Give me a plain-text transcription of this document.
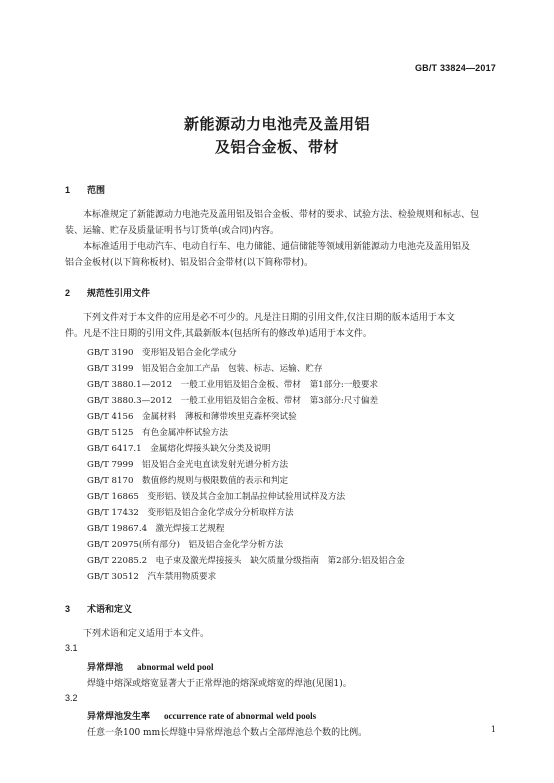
GB/T 33824—2017
新能源动力电池壳及盖用铝
及铝合金板、带材
1 范围
本标准规定了新能源动力电池壳及盖用铝及铝合金板、带材的要求、试验方法、检验规则和标志、包
装、运输、贮存及质量证明书与订货单(或合同)内容。
本标准适用于电动汽车、电动自行车、电力储能、通信储能等领域用新能源动力电池壳及盖用铝及
铝合金板材(以下简称板材)、铝及铝合金带材(以下简称带材)。
2 规范性引用文件
下列文件对于本文件的应用是必不可少的。凡是注日期的引用文件,仅注日期的版本适用于本文
件。凡是不注日期的引用文件,其最新版本(包括所有的修改单)适用于本文件。
GB/T 3190　变形铝及铝合金化学成分
GB/T 3199　铝及铝合金加工产品　包装、标志、运输、贮存
GB/T 3880.1—2012　一般工业用铝及铝合金板、带材　第1部分:一般要求
GB/T 3880.3—2012　一般工业用铝及铝合金板、带材　第3部分:尺寸偏差
GB/T 4156　金属材料　薄板和薄带埃里克森杯突试验
GB/T 5125　有色金属冲杯试验方法
GB/T 6417.1　金属熔化焊接头缺欠分类及说明
GB/T 7999　铝及铝合金光电直读发射光谱分析方法
GB/T 8170　数值修约规则与极限数值的表示和判定
GB/T 16865　变形铝、镁及其合金加工制品拉伸试验用试样及方法
GB/T 17432　变形铝及铝合金化学成分分析取样方法
GB/T 19867.4　激光焊接工艺规程
GB/T 20975(所有部分)　铝及铝合金化学分析方法
GB/T 22085.2　电子束及激光焊接接头　缺欠质量分级指南　第2部分:铝及铝合金
GB/T 30512　汽车禁用物质要求
3 术语和定义
下列术语和定义适用于本文件。
3.1
异常焊池 abnormal weld pool
焊缝中熔深或熔宽显著大于正常焊池的熔深或熔宽的焊池(见图1)。
3.2
异常焊池发生率 occurrence rate of abnormal weld pools
任意一条100 mm长焊缝中异常焊池总个数占全部焊池总个数的比例。	1
